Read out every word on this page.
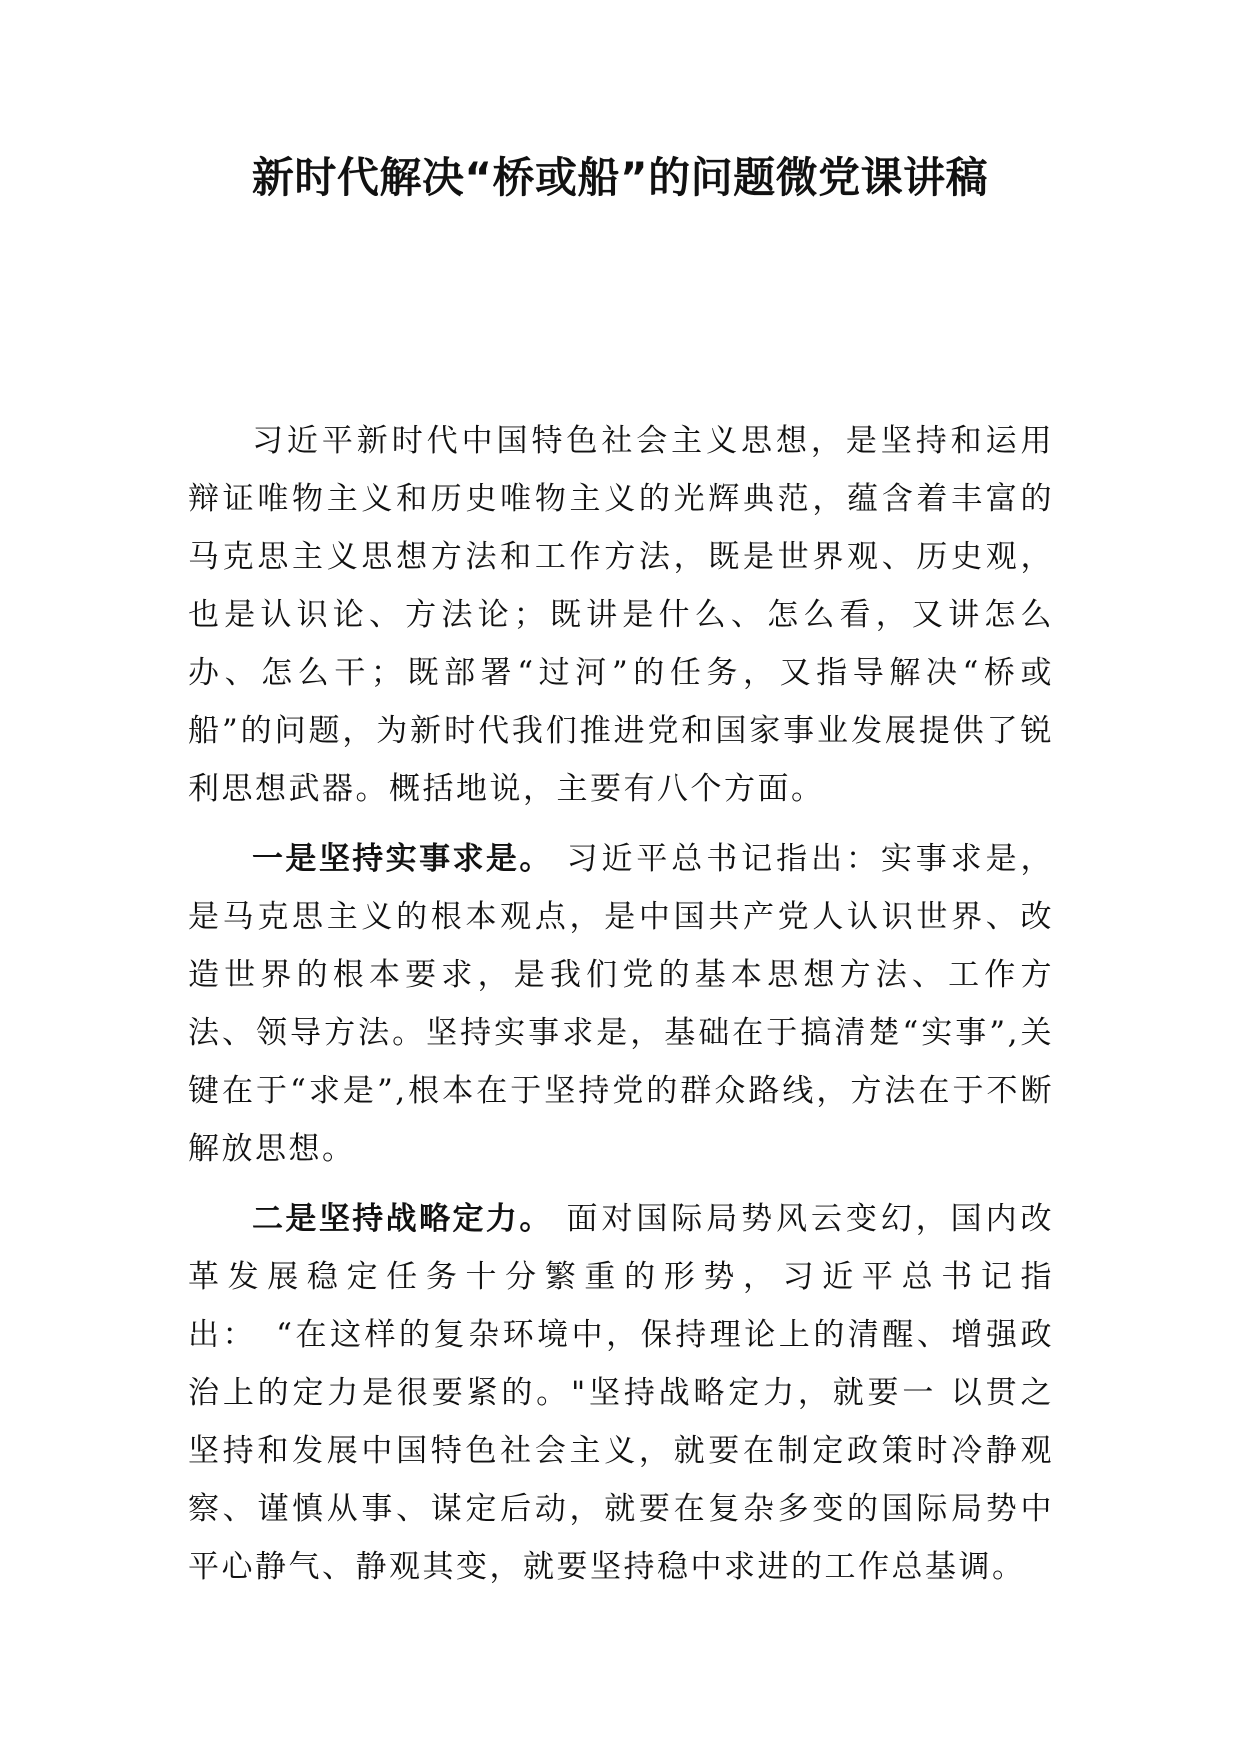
新时代解决“桥或船”的问题微党课讲稿

习近平新时代中国特色社会主义思想，是坚持和运用辩证唯物主义和历史唯物主义的光辉典范，蕴含着丰富的马克思主义思想方法和工作方法，既是世界观、历史观，也是认识论、方法论；既讲是什么、怎么看，又讲怎么办、怎么干；既部署“过河”的任务，又指导解决“桥或船”的问题，为新时代我们推进党和国家事业发展提供了锐利思想武器。概括地说，主要有八个方面。

一是坚持实事求是。 习近平总书记指出：实事求是，是马克思主义的根本观点，是中国共产党人认识世界、改造世界的根本要求，是我们党的基本思想方法、工作方法、领导方法。坚持实事求是，基础在于搞清楚“实事”,关键在于“求是”,根本在于坚持党的群众路线，方法在于不断解放思想。

二是坚持战略定力。 面对国际局势风云变幻，国内改革发展稳定任务十分繁重的形势，习近平总书记指出：　“在这样的复杂环境中，保持理论上的清醒、增强政治上的定力是很要紧的。"坚持战略定力，就要一 以贯之坚持和发展中国特色社会主义，就要在制定政策时冷静观察、谨慎从事、谋定后动，就要在复杂多变的国际局势中平心静气、静观其变，就要坚持稳中求进的工作总基调。
